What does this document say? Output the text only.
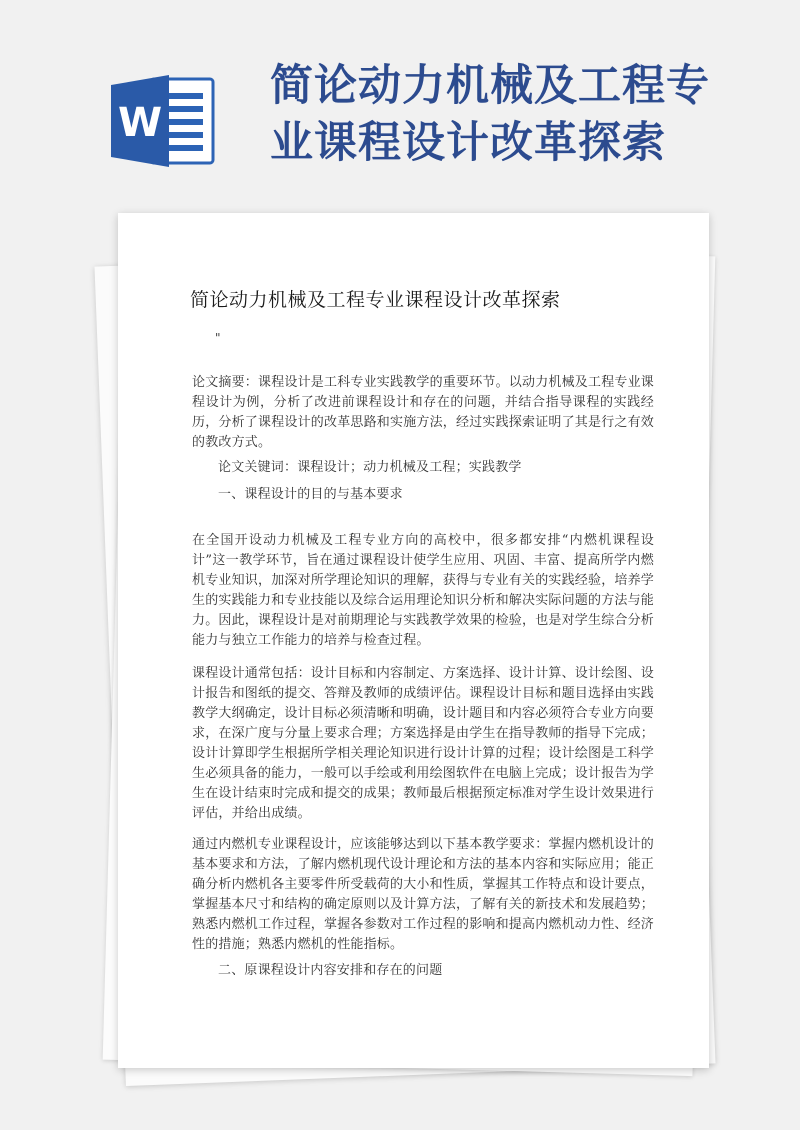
W
简论动力机械及工程专业课程设计改革探索
简论动力机械及工程专业课程设计改革探索
"

论文摘要：课程设计是工科专业实践教学的重要环节。以动力机械及工程专业课程设计为例，分析了改进前课程设计和存在的问题，并结合指导课程的实践经历，分析了课程设计的改革思路和实施方法，经过实践探索证明了其是行之有效的教改方式。

论文关键词：课程设计；动力机械及工程；实践教学

一、课程设计的目的与基本要求

在全国开设动力机械及工程专业方向的高校中，很多都安排“内燃机课程设计”这一教学环节，旨在通过课程设计使学生应用、巩固、丰富、提高所学内燃机专业知识，加深对所学理论知识的理解，获得与专业有关的实践经验，培养学生的实践能力和专业技能以及综合运用理论知识分析和解决实际问题的方法与能力。因此，课程设计是对前期理论与实践教学效果的检验，也是对学生综合分析能力与独立工作能力的培养与检查过程。

课程设计通常包括：设计目标和内容制定、方案选择、设计计算、设计绘图、设计报告和图纸的提交、答辩及教师的成绩评估。课程设计目标和题目选择由实践教学大纲确定，设计目标必须清晰和明确，设计题目和内容必须符合专业方向要求，在深广度与分量上要求合理；方案选择是由学生在指导教师的指导下完成；设计计算即学生根据所学相关理论知识进行设计计算的过程；设计绘图是工科学生必须具备的能力，一般可以手绘或利用绘图软件在电脑上完成；设计报告为学生在设计结束时完成和提交的成果；教师最后根据预定标准对学生设计效果进行评估，并给出成绩。

通过内燃机专业课程设计，应该能够达到以下基本教学要求：掌握内燃机设计的基本要求和方法，了解内燃机现代设计理论和方法的基本内容和实际应用；能正确分析内燃机各主要零件所受载荷的大小和性质，掌握其工作特点和设计要点，掌握基本尺寸和结构的确定原则以及计算方法，了解有关的新技术和发展趋势；熟悉内燃机工作过程，掌握各参数对工作过程的影响和提高内燃机动力性、经济性的措施；熟悉内燃机的性能指标。

二、原课程设计内容安排和存在的问题
